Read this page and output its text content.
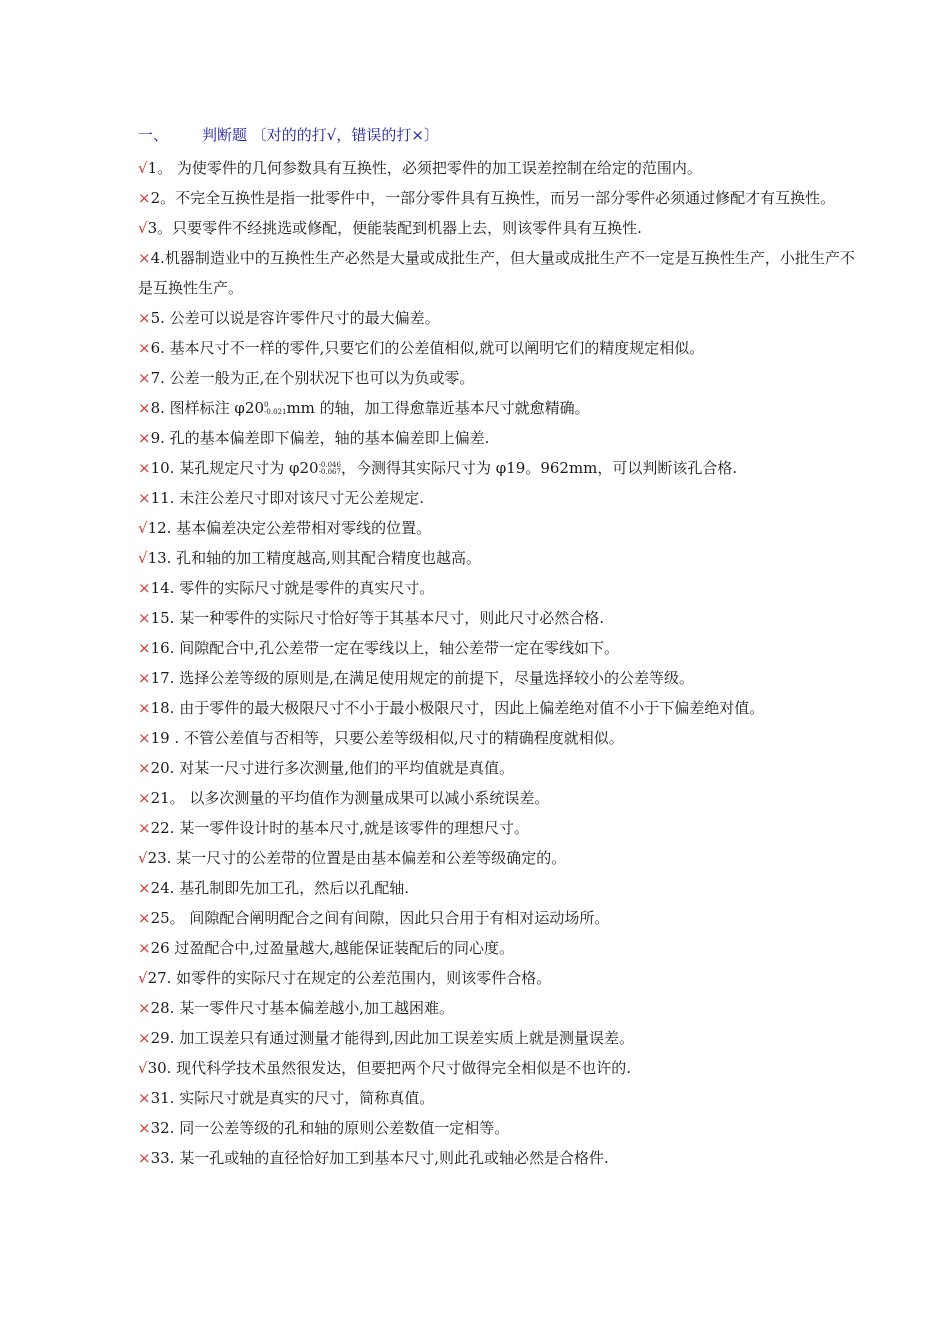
一、 判断题 〔对的的打√，错误的打×〕
√1。 为使零件的几何参数具有互换性，必须把零件的加工误差控制在给定的范围内。
×2。不完全互换性是指一批零件中，一部分零件具有互换性，而另一部分零件必须通过修配才有互换性。
√3。只要零件不经挑选或修配，便能装配到机器上去，则该零件具有互换性.
×4.机器制造业中的互换性生产必然是大量或成批生产，但大量或成批生产不一定是互换性生产，小批生产不是互换性生产。
×5. 公差可以说是容许零件尺寸的最大偏差。
×6. 基本尺寸不一样的零件,只要它们的公差值相似,就可以阐明它们的精度规定相似。
×7. 公差一般为正,在个别状况下也可以为负或零。
×8. 图样标注 φ20 0
-0.021 mm 的轴，加工得愈靠近基本尺寸就愈精确。
×9. 孔的基本偏差即下偏差，轴的基本偏差即上偏差.
×10. 某孔规定尺寸为 φ20 -0.046
-0.067 ，今测得其实际尺寸为 φ19。962mm，可以判断该孔合格.
×11. 未注公差尺寸即对该尺寸无公差规定.
√12. 基本偏差决定公差带相对零线的位置。
√13. 孔和轴的加工精度越高,则其配合精度也越高。
×14. 零件的实际尺寸就是零件的真实尺寸。
×15. 某一种零件的实际尺寸恰好等于其基本尺寸，则此尺寸必然合格.
×16. 间隙配合中,孔公差带一定在零线以上，轴公差带一定在零线如下。
×17. 选择公差等级的原则是,在满足使用规定的前提下，尽量选择较小的公差等级。
×18. 由于零件的最大极限尺寸不小于最小极限尺寸，因此上偏差绝对值不小于下偏差绝对值。
×19 . 不管公差值与否相等，只要公差等级相似,尺寸的精确程度就相似。
×20. 对某一尺寸进行多次测量,他们的平均值就是真值。
×21。 以多次测量的平均值作为测量成果可以减小系统误差。
×22. 某一零件设计时的基本尺寸,就是该零件的理想尺寸。
√23. 某一尺寸的公差带的位置是由基本偏差和公差等级确定的。
×24. 基孔制即先加工孔，然后以孔配轴.
×25。 间隙配合阐明配合之间有间隙，因此只合用于有相对运动场所。
×26 过盈配合中,过盈量越大,越能保证装配后的同心度。
√27. 如零件的实际尺寸在规定的公差范围内，则该零件合格。
×28. 某一零件尺寸基本偏差越小,加工越困难。
×29. 加工误差只有通过测量才能得到,因此加工误差实质上就是测量误差。
√30. 现代科学技术虽然很发达，但要把两个尺寸做得完全相似是不也许的.
×31. 实际尺寸就是真实的尺寸，简称真值。
×32. 同一公差等级的孔和轴的原则公差数值一定相等。
×33. 某一孔或轴的直径恰好加工到基本尺寸,则此孔或轴必然是合格件.
